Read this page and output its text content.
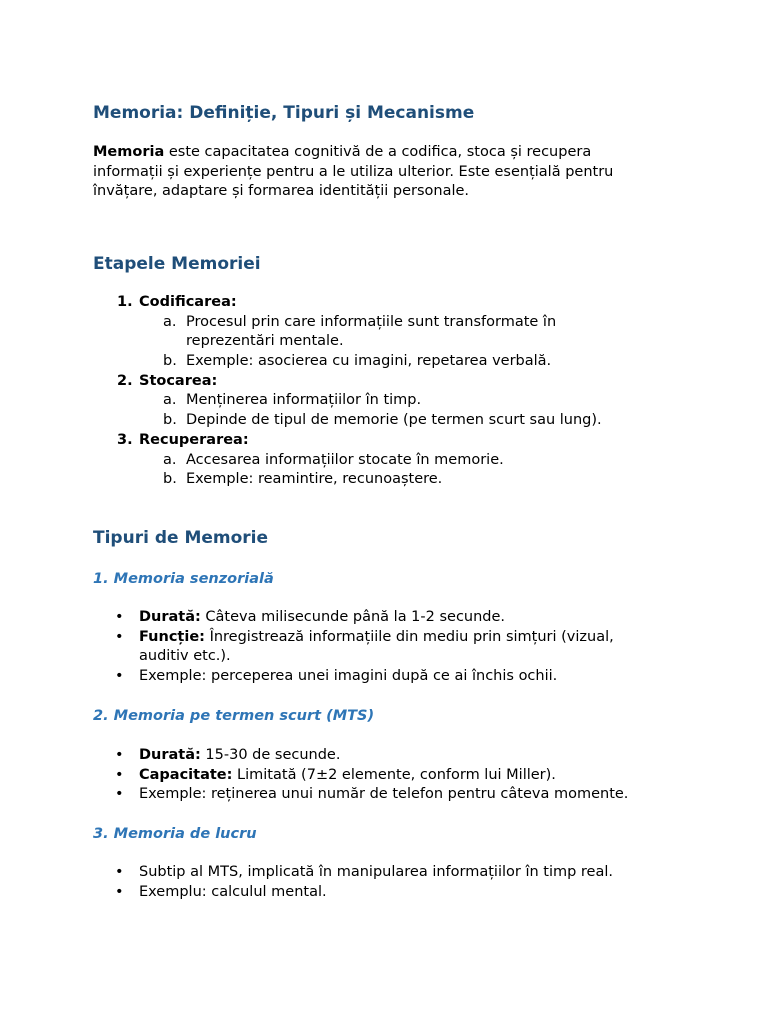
Memoria: Definiție, Tipuri și Mecanisme
Memoria este capacitatea cognitivă de a codifica, stoca și recupera
informații și experiențe pentru a le utiliza ulterior. Este esențială pentru
învățare, adaptare și formarea identității personale.
Etapele Memoriei
1. Codificarea:
a. Procesul prin care informațiile sunt transformate în
reprezentări mentale.
b. Exemple: asocierea cu imagini, repetarea verbală.
2. Stocarea:
a. Menținerea informațiilor în timp.
b. Depinde de tipul de memorie (pe termen scurt sau lung).
3. Recuperarea:
a. Accesarea informațiilor stocate în memorie.
b. Exemple: reamintire, recunoaștere.
Tipuri de Memorie
1. Memoria senzorială
• Durată: Câteva milisecunde până la 1-2 secunde.
• Funcție: Înregistrează informațiile din mediu prin simțuri (vizual,
auditiv etc.).
• Exemple: perceperea unei imagini după ce ai închis ochii.
2. Memoria pe termen scurt (MTS)
• Durată: 15-30 de secunde.
• Capacitate: Limitată (7±2 elemente, conform lui Miller).
• Exemple: reținerea unui număr de telefon pentru câteva momente.
3. Memoria de lucru
• Subtip al MTS, implicată în manipularea informațiilor în timp real.
• Exemplu: calculul mental.
